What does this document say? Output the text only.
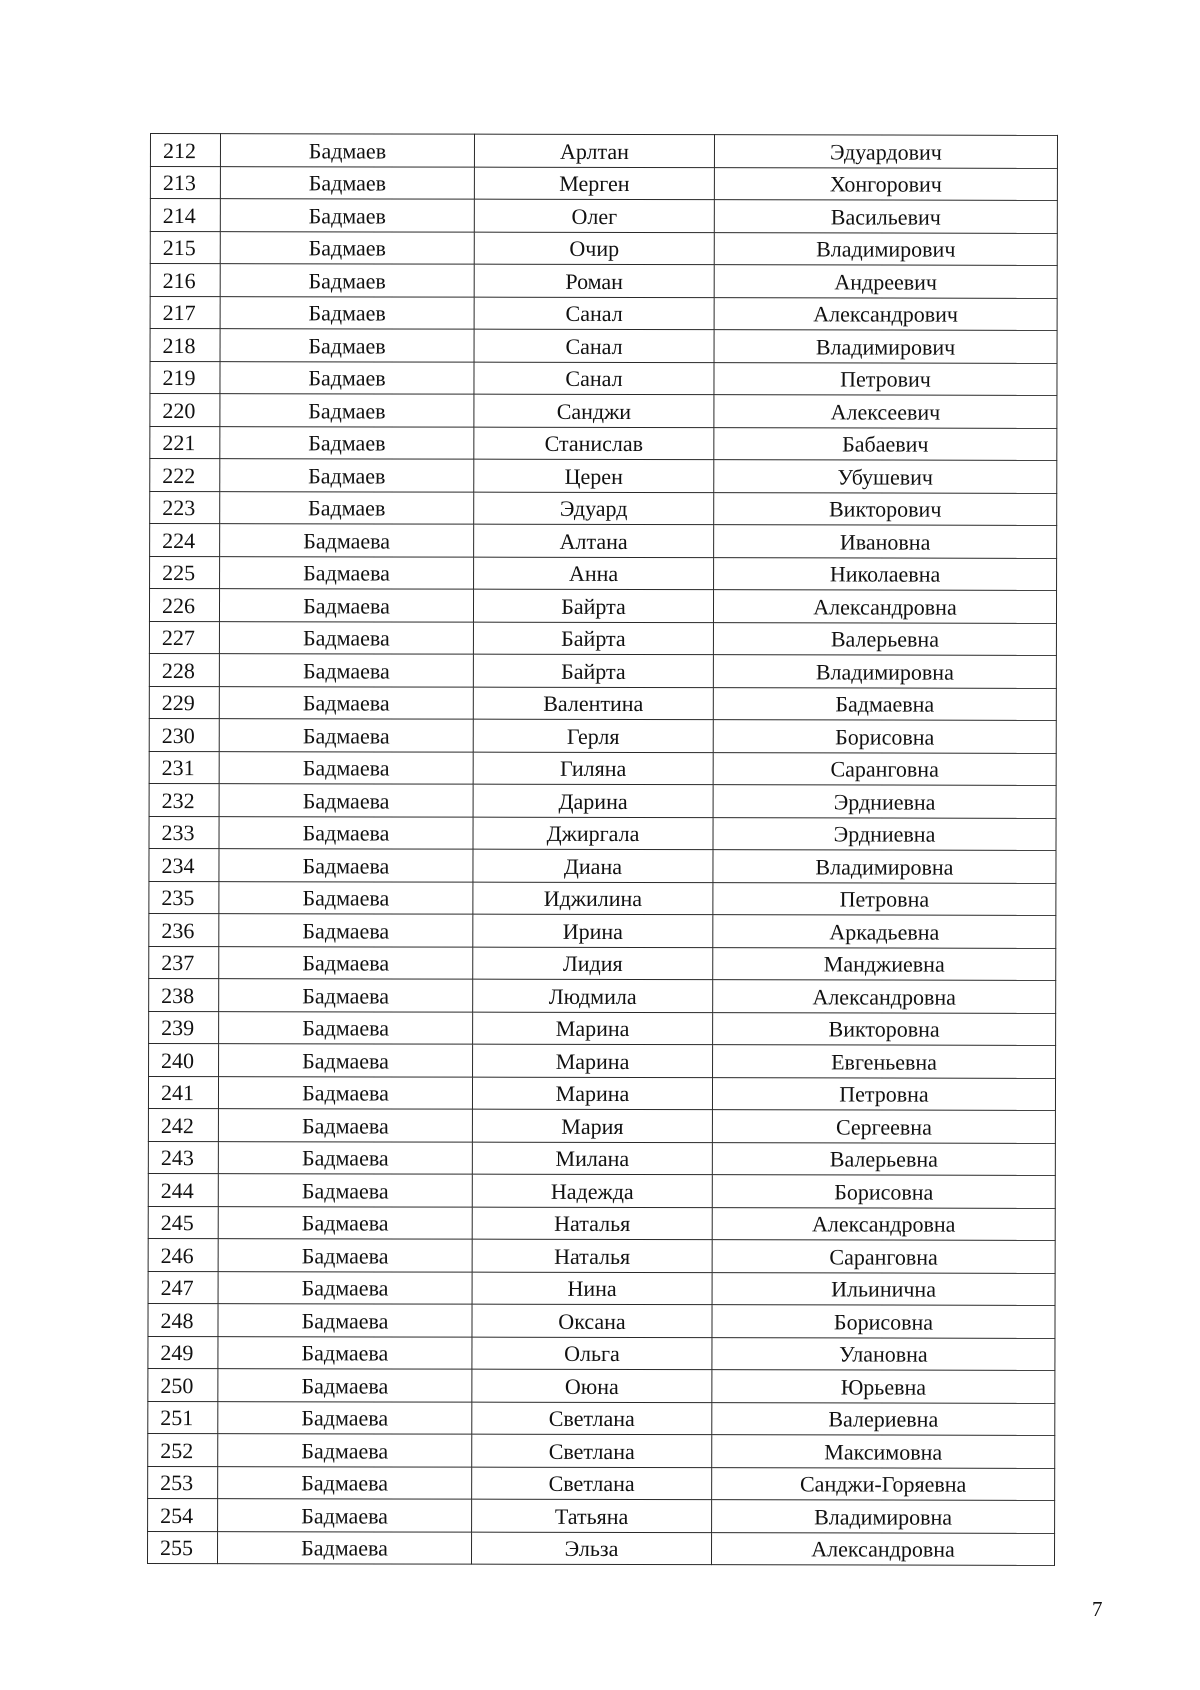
212	Бадмаев	Арлтан	Эдуардович
213	Бадмаев	Мерген	Хонгорович
214	Бадмаев	Олег	Васильевич
215	Бадмаев	Очир	Владимирович
216	Бадмаев	Роман	Андреевич
217	Бадмаев	Санал	Александрович
218	Бадмаев	Санал	Владимирович
219	Бадмаев	Санал	Петрович
220	Бадмаев	Санджи	Алексеевич
221	Бадмаев	Станислав	Бабаевич
222	Бадмаев	Церен	Убушевич
223	Бадмаев	Эдуард	Викторович
224	Бадмаева	Алтана	Ивановна
225	Бадмаева	Анна	Николаевна
226	Бадмаева	Байрта	Александровна
227	Бадмаева	Байрта	Валерьевна
228	Бадмаева	Байрта	Владимировна
229	Бадмаева	Валентина	Бадмаевна
230	Бадмаева	Герля	Борисовна
231	Бадмаева	Гиляна	Саранговна
232	Бадмаева	Дарина	Эрдниевна
233	Бадмаева	Джиргала	Эрдниевна
234	Бадмаева	Диана	Владимировна
235	Бадмаева	Иджилина	Петровна
236	Бадмаева	Ирина	Аркадьевна
237	Бадмаева	Лидия	Манджиевна
238	Бадмаева	Людмила	Александровна
239	Бадмаева	Марина	Викторовна
240	Бадмаева	Марина	Евгеньевна
241	Бадмаева	Марина	Петровна
242	Бадмаева	Мария	Сергеевна
243	Бадмаева	Милана	Валерьевна
244	Бадмаева	Надежда	Борисовна
245	Бадмаева	Наталья	Александровна
246	Бадмаева	Наталья	Саранговна
247	Бадмаева	Нина	Ильинична
248	Бадмаева	Оксана	Борисовна
249	Бадмаева	Ольга	Улановна
250	Бадмаева	Оюна	Юрьевна
251	Бадмаева	Светлана	Валериевна
252	Бадмаева	Светлана	Максимовна
253	Бадмаева	Светлана	Санджи-Горяевна
254	Бадмаева	Татьяна	Владимировна
255	Бадмаева	Эльза	Александровна
7
